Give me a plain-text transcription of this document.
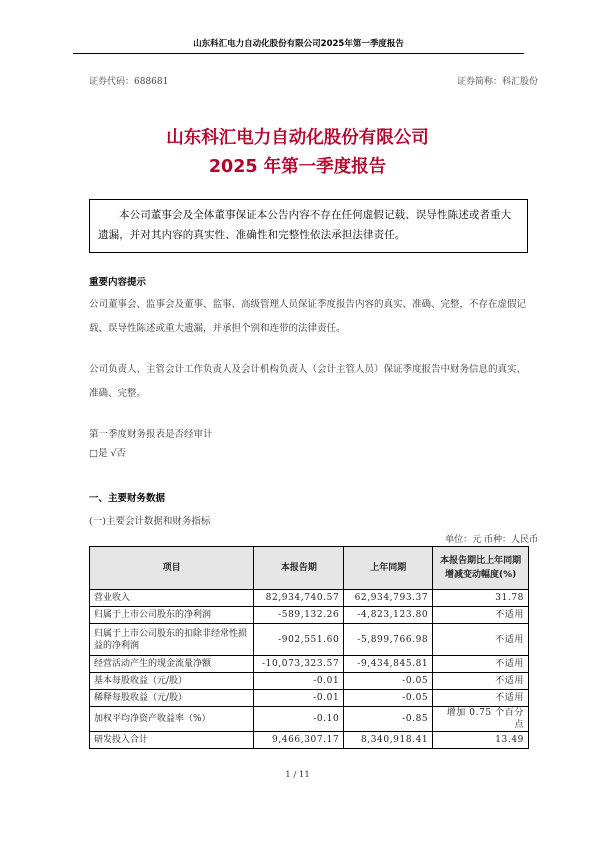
山东科汇电力自动化股份有限公司2025年第一季度报告
证券代码：688681	证券简称：科汇股份
山东科汇电力自动化股份有限公司
2025 年第一季度报告
本公司董事会及全体董事保证本公告内容不存在任何虚假记载、误导性陈述或者重大遗漏，并对其内容的真实性、准确性和完整性依法承担法律责任。
重要内容提示
公司董事会、监事会及董事、监事、高级管理人员保证季度报告内容的真实、准确、完整，不存在虚假记载、误导性陈述或重大遗漏，并承担个别和连带的法律责任。
公司负责人、主管会计工作负责人及会计机构负责人（会计主管人员）保证季度报告中财务信息的真实、准确、完整。
第一季度财务报表是否经审计
□是 √否
一、主要财务数据
(一)主要会计数据和财务指标
单位：元 币种：人民币
项目	本报告期	上年同期	本报告期比上年同期增减变动幅度(%)
营业收入	82,934,740.57	62,934,793.37	31.78
归属于上市公司股东的净利润	-589,132.26	-4,823,123.80	不适用
归属于上市公司股东的扣除非经常性损益的净利润	-902,551.60	-5,899,766.98	不适用
经营活动产生的现金流量净额	-10,073,323.57	-9,434,845.81	不适用
基本每股收益（元/股）	-0.01	-0.05	不适用
稀释每股收益（元/股）	-0.01	-0.05	不适用
加权平均净资产收益率（%）	-0.10	-0.85	增加 0.75 个百分点
研发投入合计	9,466,307.17	8,340,918.41	13.49
1 / 11
